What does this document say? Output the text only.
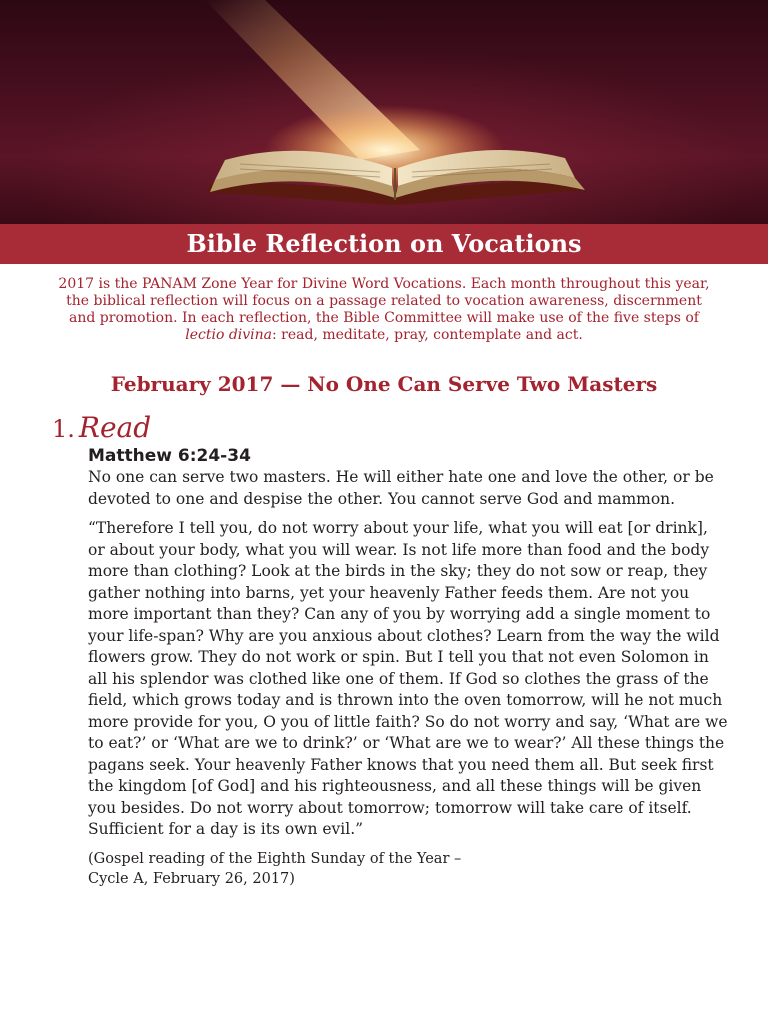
Bible Reflection on Vocations

2017 is the PANAM Zone Year for Divine Word Vocations. Each month throughout this year, the biblical reflection will focus on a passage related to vocation awareness, discernment and promotion. In each reflection, the Bible Committee will make use of the five steps of lectio divina: read, meditate, pray, contemplate and act.

February 2017 — No One Can Serve Two Masters
1. Read

Matthew 6:24-34

No one can serve two masters. He will either hate one and love the other, or be devoted to one and despise the other. You cannot serve God and mammon.

“Therefore I tell you, do not worry about your life, what you will eat [or drink], or about your body, what you will wear. Is not life more than food and the body more than clothing? Look at the birds in the sky; they do not sow or reap, they gather nothing into barns, yet your heavenly Father feeds them. Are not you more important than they? Can any of you by worrying add a single moment to your life-span? Why are you anxious about clothes? Learn from the way the wild flowers grow. They do not work or spin. But I tell you that not even Solomon in all his splendor was clothed like one of them. If God so clothes the grass of the field, which grows today and is thrown into the oven tomorrow, will he not much more provide for you, O you of little faith? So do not worry and say, ‘What are we to eat?’ or ‘What are we to drink?’ or ‘What are we to wear?’ All these things the pagans seek. Your heavenly Father knows that you need them all. But seek first the kingdom [of God] and his righteousness, and all these things will be given you besides. Do not worry about tomorrow; tomorrow will take care of itself. Sufficient for a day is its own evil.”

(Gospel reading of the Eighth Sunday of the Year –
Cycle A, February 26, 2017)
